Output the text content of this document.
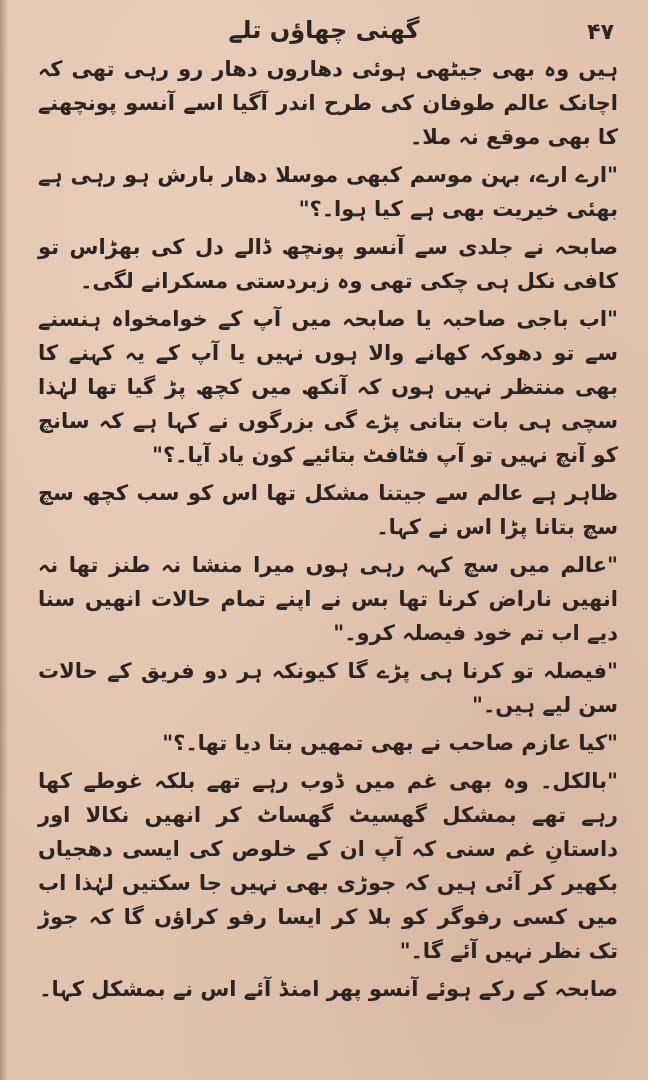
گھنی چھاؤں تلے	۴۷

ہیں وہ بھی جیٹھی ہوئی دھاروں دھار رو رہی تھی کہ اچانک عالم طوفان کی طرح اندر آگیا اسے آنسو پونچھنے کا بھی موقع نہ ملا۔

"ارے ارے، بہن موسم کبھی موسلا دھار بارش ہو رہی ہے بھئی خیریت بھی ہے کیا ہوا۔؟"

صابحہ نے جلدی سے آنسو پونچھ ڈالے دل کی بھڑاس تو کافی نکل ہی چکی تھی وہ زبردستی مسکرانے لگی۔

"اب باجی صاحبہ یا صابحہ میں آپ کے خوامخواہ ہنسنے سے تو دھوکہ کھانے والا ہوں نہیں یا آپ کے یہ کہنے کا بھی منتظر نہیں ہوں کہ آنکھ میں کچھ پڑ گیا تھا لہٰذا سچی ہی بات بتانی پڑے گی بزرگوں نے کہا ہے کہ سانچ کو آنچ نہیں تو آپ فٹافٹ بتائیے کون یاد آیا۔؟"

ظاہر ہے عالم سے جیتنا مشکل تھا اس کو سب کچھ سچ سچ بتانا پڑا اس نے کہا۔

"عالم میں سچ کہہ رہی ہوں میرا منشا نہ طنز تھا نہ انھیں ناراض کرنا تھا بس نے اپنے تمام حالات انھیں سنا دیے اب تم خود فیصلہ کرو۔"

"فیصلہ تو کرنا ہی پڑے گا کیونکہ ہر دو فریق کے حالات سن لیے ہیں۔"

"کیا عازم صاحب نے بھی تمھیں بتا دیا تھا۔؟"

"بالکل۔ وہ بھی غم میں ڈوب رہے تھے بلکہ غوطے کھا رہے تھے بمشکل گھسیٹ گھساٹ کر انھیں نکالا اور داستانِ غم سنی کہ آپ ان کے خلوص کی ایسی دھجیاں بکھیر کر آئی ہیں کہ جوڑی بھی نہیں جا سکتیں لہٰذا اب میں کسی رفوگر کو بلا کر ایسا رفو کراؤں گا کہ جوڑ تک نظر نہیں آئے گا۔"

صابحہ کے رکے ہوئے آنسو پھر امنڈ آئے اس نے بمشکل کہا۔
